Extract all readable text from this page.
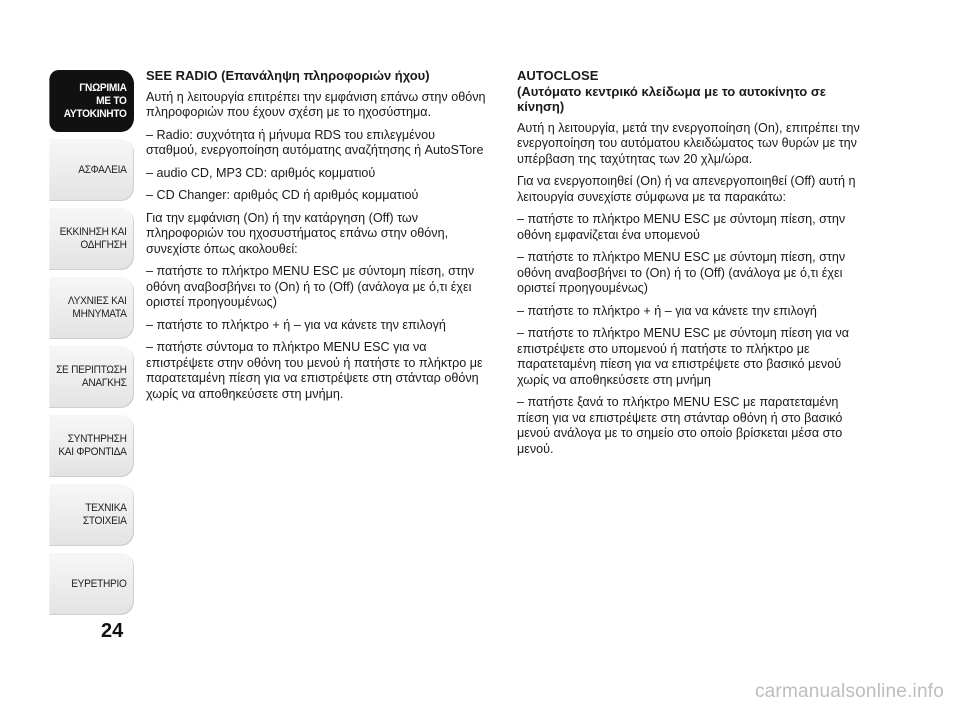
ΓΝΩΡΙΜΙΑ
ΜΕ ΤΟ
ΑΥΤΟΚΙΝΗΤΟ
ΑΣΦΑΛΕΙΑ
ΕΚΚΙΝΗΣΗ ΚΑΙ
ΟΔΗΓΗΣΗ
ΛΥΧΝΙΕΣ ΚΑΙ
ΜΗΝΥΜΑΤΑ
ΣΕ ΠΕΡΙΠΤΩΣΗ
ΑΝΑΓΚΗΣ
ΣΥΝΤΗΡΗΣΗ
ΚΑΙ ΦΡΟΝΤΙΔΑ
ΤΕΧΝΙΚΑ
ΣΤΟΙΧΕΙΑ
ΕΥΡΕΤΗΡΙΟ
24
SEE RADIO (Επανάληψη πληροφοριών ήχου)

Αυτή η λειτουργία επιτρέπει την εμφάνιση επάνω στην οθόνη πληροφοριών που έχουν σχέση με το ηχοσύστημα.

– Radio: συχνότητα ή μήνυμα RDS του επιλεγμένου σταθμού, ενεργοποίηση αυτόματης αναζήτησης ή AutoSTore

– audio CD, MP3 CD: αριθμός κομματιού

– CD Changer: αριθμός CD ή αριθμός κομματιού

Για την εμφάνιση (On) ή την κατάργηση (Off) των πληροφοριών του ηχοσυστήματος επάνω στην οθόνη, συνεχίστε όπως ακολουθεί:

– πατήστε το πλήκτρο MENU ESC με σύντομη πίεση, στην οθόνη αναβοσβήνει το (On) ή το (Off) (ανάλογα με ό,τι έχει οριστεί προηγουμένως)

– πατήστε το πλήκτρο + ή – για να κάνετε την επιλογή

– πατήστε σύντομα το πλήκτρο MENU ESC για να επιστρέψετε στην οθόνη του μενού ή πατήστε το πλήκτρο με παρατεταμένη πίεση για να επιστρέψετε στη στάνταρ οθόνη χωρίς να αποθηκεύσετε στη μνήμη.

AUTOCLOSE
(Αυτόματο κεντρικό κλείδωμα με το αυτοκίνητο σε κίνηση)

Αυτή η λειτουργία, μετά την ενεργοποίηση (On), επιτρέπει την ενεργοποίηση του αυτόματου κλειδώματος των θυρών με την υπέρβαση της ταχύτητας των 20 χλμ/ώρα.

Για να ενεργοποιηθεί (On) ή να απενεργοποιηθεί (Off) αυτή η λειτουργία συνεχίστε σύμφωνα με τα παρακάτω:

– πατήστε το πλήκτρο MENU ESC με σύντομη πίεση, στην οθόνη εμφανίζεται ένα υπομενού

– πατήστε το πλήκτρο MENU ESC με σύντομη πίεση, στην οθόνη αναβοσβήνει το (On) ή το (Off) (ανάλογα με ό,τι έχει οριστεί προηγουμένως)

– πατήστε το πλήκτρο + ή – για να κάνετε την επιλογή

– πατήστε το πλήκτρο MENU ESC με σύντομη πίεση για να επιστρέψετε στο υπομενού ή πατήστε το πλήκτρο με παρατεταμένη πίεση για να επιστρέψετε στο βασικό μενού χωρίς να αποθηκεύσετε στη μνήμη

– πατήστε ξανά το πλήκτρο MENU ESC με παρατεταμένη πίεση για να επιστρέψετε στη στάνταρ οθόνη ή στο βασικό μενού ανάλογα με το σημείο στο οποίο βρίσκεται μέσα στο μενού.

carmanualsonline.info
